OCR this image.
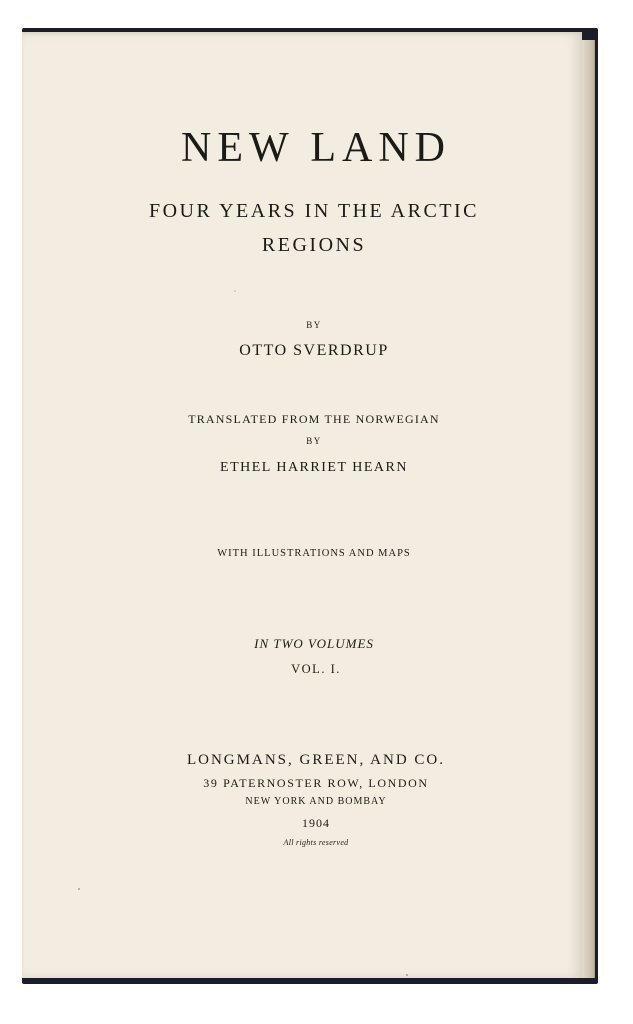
NEW LAND
FOUR YEARS IN THE ARCTIC
REGIONS
BY
OTTO SVERDRUP
TRANSLATED FROM THE NORWEGIAN
BY
ETHEL HARRIET HEARN
WITH ILLUSTRATIONS AND MAPS
IN TWO VOLUMES
VOL. I.
LONGMANS, GREEN, AND CO.
39 PATERNOSTER ROW, LONDON
NEW YORK AND BOMBAY
1904
All rights reserved
